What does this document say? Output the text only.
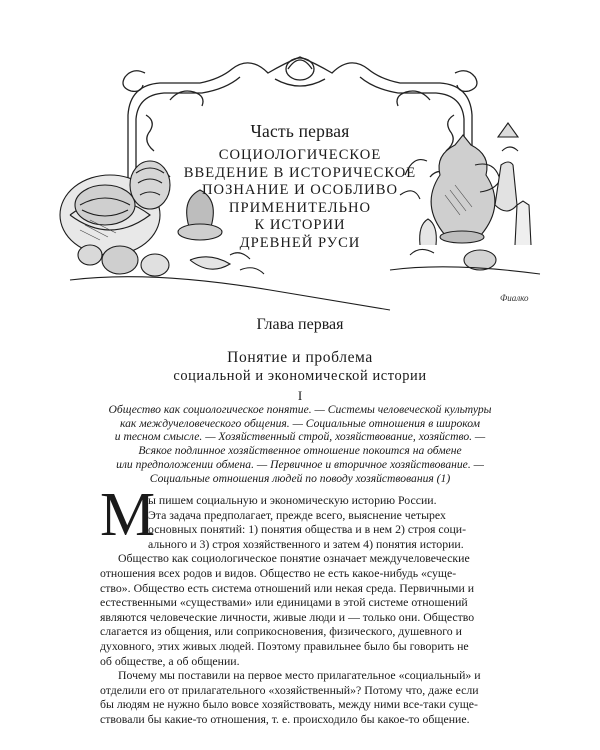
Фиалко
Часть первая
СОЦИОЛОГИЧЕСКОЕ
ВВЕДЕНИЕ В ИСТОРИЧЕСКОЕ
ПОЗНАНИЕ И ОСОБЛИВО
ПРИМЕНИТЕЛЬНО
К ИСТОРИИ
ДРЕВНЕЙ РУСИ
Глава первая
Понятие и проблема
социальной и экономической истории
I
Общество как социологическое понятие. — Системы человеческой культуры
как междучеловеческого общения. — Социальные отношения в широком
и тесном смысле. — Хозяйственный строй, хозяйствование, хозяйство. —
Всякое подлинное хозяйственное отношение покоится на обмене
или предположении обмена. — Первичное и вторичное хозяйствование. —
Социальные отношения людей по поводу хозяйствования (1)
М
ы пишем социальную и экономическую историю России.
Эта задача предполагает, прежде всего, выяснение четырех
основных понятий: 1) понятия общества и в нем 2) строя соци-
ального и 3) строя хозяйственного и затем 4) понятия истории.
Общество как социологическое понятие означает междучеловеческие
отношения всех родов и видов. Общество не есть какое-нибудь «суще-
ство». Общество есть система отношений или некая среда. Первичными и
естественными «существами» или единицами в этой системе отношений
являются человеческие личности, живые люди и — только они. Общество
слагается из общения, или соприкосновения, физического, душевного и
духовного, этих живых людей. Поэтому правильнее было бы говорить не
об обществе, а об общении.
Почему мы поставили на первое место прилагательное «социальный» и
отделили его от прилагательного «хозяйственный»? Потому что, даже если
бы людям не нужно было вовсе хозяйствовать, между ними все-таки суще-
ствовали бы какие-то отношения, т. е. происходило бы какое-то общение.
